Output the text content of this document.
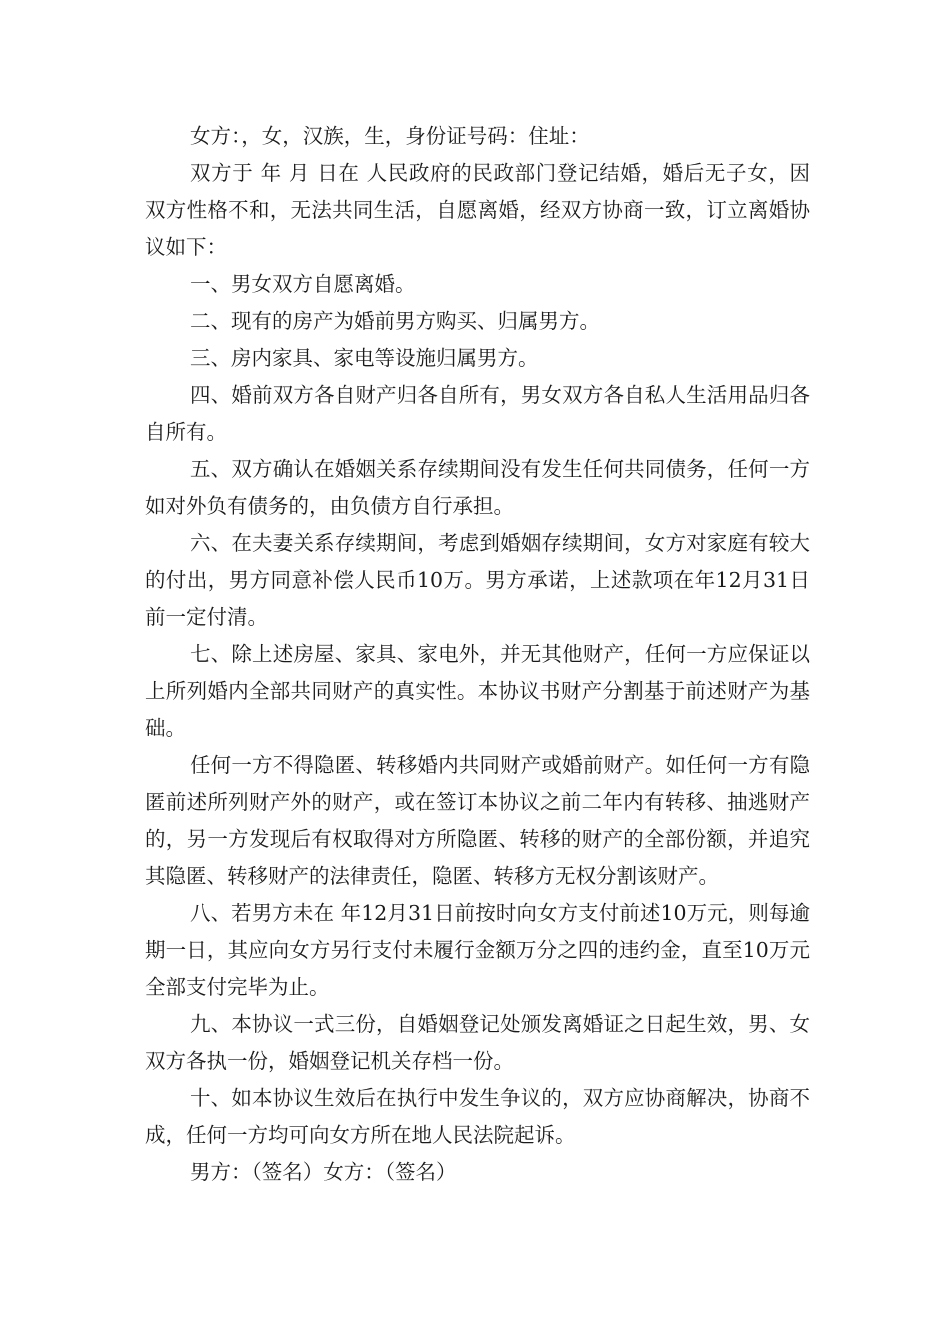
女方：，女，汉族，生，身份证号码：住址：

双方于 年 月 日在 人民政府的民政部门登记结婚，婚后无子女，因双方性格不和，无法共同生活，自愿离婚，经双方协商一致，订立离婚协议如下：

一、男女双方自愿离婚。

二、现有的房产为婚前男方购买、归属男方。

三、房内家具、家电等设施归属男方。

四、婚前双方各自财产归各自所有，男女双方各自私人生活用品归各自所有。

五、双方确认在婚姻关系存续期间没有发生任何共同债务，任何一方如对外负有债务的，由负债方自行承担。

六、在夫妻关系存续期间，考虑到婚姻存续期间，女方对家庭有较大的付出，男方同意补偿人民币10万。男方承诺，上述款项在年12月31日前一定付清。

七、除上述房屋、家具、家电外，并无其他财产，任何一方应保证以上所列婚内全部共同财产的真实性。本协议书财产分割基于前述财产为基础。

任何一方不得隐匿、转移婚内共同财产或婚前财产。如任何一方有隐匿前述所列财产外的财产，或在签订本协议之前二年内有转移、抽逃财产的，另一方发现后有权取得对方所隐匿、转移的财产的全部份额，并追究其隐匿、转移财产的法律责任，隐匿、转移方无权分割该财产。

八、若男方未在 年12月31日前按时向女方支付前述10万元，则每逾期一日，其应向女方另行支付未履行金额万分之四的违约金，直至10万元全部支付完毕为止。

九、本协议一式三份，自婚姻登记处颁发离婚证之日起生效，男、女双方各执一份，婚姻登记机关存档一份。

十、如本协议生效后在执行中发生争议的，双方应协商解决，协商不成，任何一方均可向女方所在地人民法院起诉。

男方：（签名）女方：（签名）
